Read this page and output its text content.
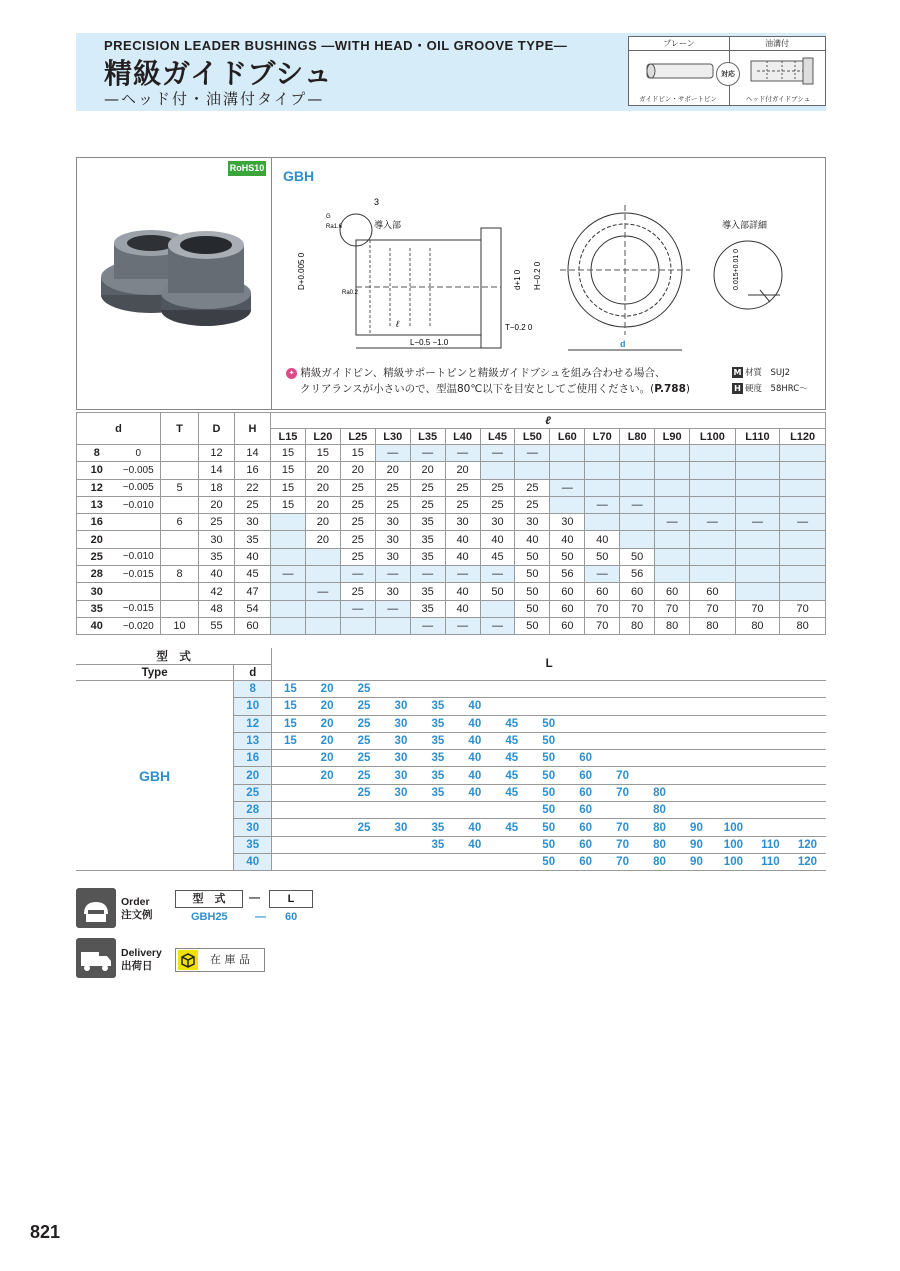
PRECISION LEADER BUSHINGS —WITH HEAD・OIL GROOVE TYPE—
精級ガイドブシュ
—ヘッド付・油溝付タイプ—
プレーン	油溝付
ガイドピン・サポートピン	ヘッド付ガイドブシュ
対応
RoHS10 GBH
3
導入部
G
Ra1.6
Ra0.2
D+0.005 0	d+1 0 H−0.2 0
T−0.2 0
ℓ
L−0.5 −1.0	d
導入部詳細
0.015+0.01 0
✦ 精級ガイドピン、精級サポートピンと精級ガイドブシュを組み合わせる場合、
クリアランスが小さいので、型温80℃以下を目安としてご使用ください。(P.788)
M 材質　 SUJ2
H 硬度　 58HRC〜
d		T	D	H	ℓ														
					L15	L20	L25	L30	L35	L40	L45	L50	L60	L70	L80	L90	L100	L110	L120
8	0		12	14	15	15	15	—	—	—	—	—							
10	−0.005		14	16	15	20	20	20	20	20									
12	−0.005	5	18	22	15	20	25	25	25	25	25	25	—						
13	−0.010		20	25	15	20	25	25	25	25	25	25		—	—				
16		6	25	30		20	25	30	35	30	30	30	30			—	—	—	—
20			30	35		20	25	30	35	40	40	40	40	40					
25	−0.010		35	40			25	30	35	40	45	50	50	50	50				
28	−0.015	8	40	45	—		—	—	—	—	—	50	56	—	56				
30			42	47		—	25	30	35	40	50	50	60	60	60	60	60		
35	−0.015		48	54			—	—	35	40		50	60	70	70	70	70	70	70
40	−0.020	10	55	60					—	—	—	50	60	70	80	80	80	80	80
型　式		L														
Type	d															
GBH	8	15	20	25												
	10	15	20	25	30	35	40									
	12	15	20	25	30	35	40	45	50							
	13	15	20	25	30	35	40	45	50							
	16		20	25	30	35	40	45	50	60						
	20		20	25	30	35	40	45	50	60	70					
	25			25	30	35	40	45	50	60	70	80				
	28								50	60		80				
	30			25	30	35	40	45	50	60	70	80	90	100		
	35					35	40		50	60	70	80	90	100	110	120
	40								50	60	70	80	90	100	110	120
Order
注文例
型　式	—	L
GBH25 — 60
Delivery
出荷日	在 庫 品
821
